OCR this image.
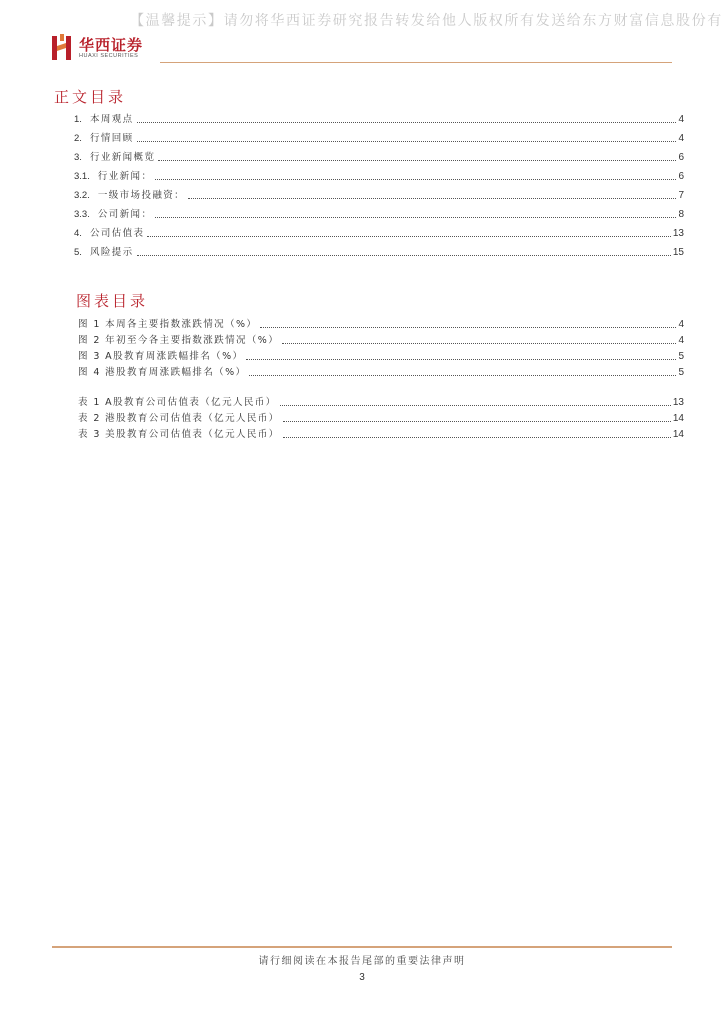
【温馨提示】请勿将华西证券研究报告转发给他人版权所有发送给东方财富信息股份有
华西证券
HUAXI SECURITIES
正文目录
1. 本周观点	4
2. 行情回顾	4
3. 行业新闻概览	6
3.1. 行业新闻：	6
3.2. 一级市场投融资：	7
3.3. 公司新闻：	8
4. 公司估值表	13
5. 风险提示	15
图表目录
图 1 本周各主要指数涨跌情况（%）	4
图 2 年初至今各主要指数涨跌情况（%）	4
图 3 A股教育周涨跌幅排名（%）	5
图 4 港股教育周涨跌幅排名（%）	5
表 1 A股教育公司估值表（亿元人民币）	13
表 2 港股教育公司估值表（亿元人民币）	14
表 3 美股教育公司估值表（亿元人民币）	14
请行细阅读在本报告尾部的重要法律声明
3
